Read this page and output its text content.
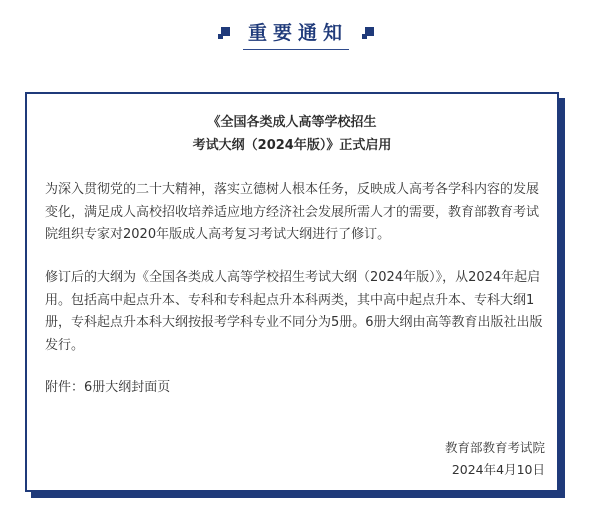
重要通知
《全国各类成人高等学校招生
考试大纲（2024年版）》正式启用

为深入贯彻党的二十大精神，落实立德树人根本任务，反映成人高考各学科内容的发展变化，满足成人高校招收培养适应地方经济社会发展所需人才的需要，教育部教育考试院组织专家对2020年版成人高考复习考试大纲进行了修订。

修订后的大纲为《全国各类成人高等学校招生考试大纲（2024年版）》，从2024年起启用。包括高中起点升本、专科和专科起点升本科两类，其中高中起点升本、专科大纲1册，专科起点升本科大纲按报考学科专业不同分为5册。6册大纲由高等教育出版社出版发行。

附件：6册大纲封面页
教育部教育考试院
2024年4月10日
